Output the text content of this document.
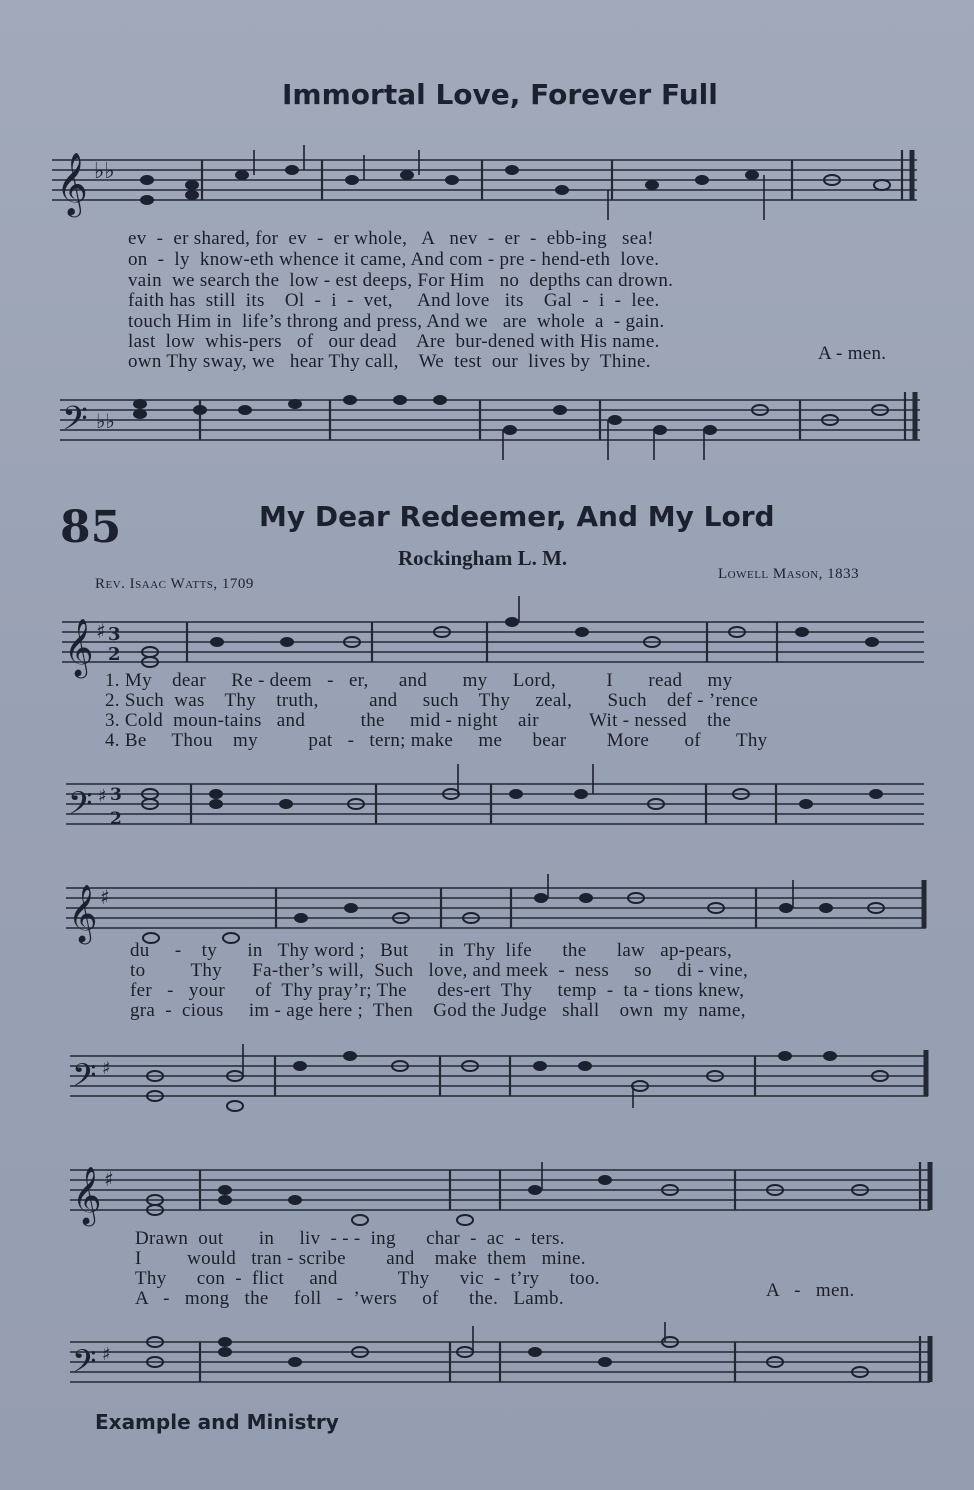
Immortal Love, Forever Full
𝄞 ♭♭
ev  -  er shared, for  ev  -  er whole,   A   nev  -  er  -  ebb-ing   sea!
on  -  ly  know-eth whence it came, And com - pre - hend-eth  love.
vain  we search the  low - est deeps, For Him   no  depths can drown.
faith has  still  its    Ol  -  i  -  vet,     And love   its    Gal  -  i  -  lee.
touch Him in  life’s throng and press, And we   are  whole  a  - gain.
last  low  whis-pers   of   our dead    Are  bur-dened with His name.
own Thy sway, we   hear Thy call,    We  test  our  lives by  Thine.	A - men.
𝄢 ♭♭
85	My Dear Redeemer, And My Lord
Rockingham L. M.
Rev. Isaac Watts, 1709
Lowell Mason, 1833
𝄞 ♯ 3
2
1. My    dear     Re - deem   -   er,      and       my     Lord,          I       read     my
2. Such  was    Thy    truth,          and     such    Thy     zeal,       Such    def - ’rence
3. Cold  moun-tains   and           the     mid - night    air          Wit - nessed    the
4. Be     Thou    my          pat   -   tern; make     me      bear        More       of       Thy
𝄢 ♯ 3
2
𝄞 ♯
du     -    ty      in   Thy word ;   But      in  Thy  life      the      law   ap-pears,
to         Thy      Fa-ther’s will,  Such   love, and meek  -  ness     so     di - vine,
fer   -   your      of  Thy pray’r; The      des-ert  Thy     temp  -  ta - tions knew,
gra  -  cious     im - age here ;  Then    God the Judge   shall    own  my  name,
𝄢 ♯
𝄞 ♯
Drawn  out       in     liv  - - -  ing      char  -  ac  -  ters.
I         would   tran - scribe        and    make  them   mine.
Thy      con  -  flict     and            Thy      vic  -  t’ry      too.
A   -   mong   the     foll   -  ’wers     of      the.   Lamb.	A   -   men.
𝄢 ♯
Example and Ministry
